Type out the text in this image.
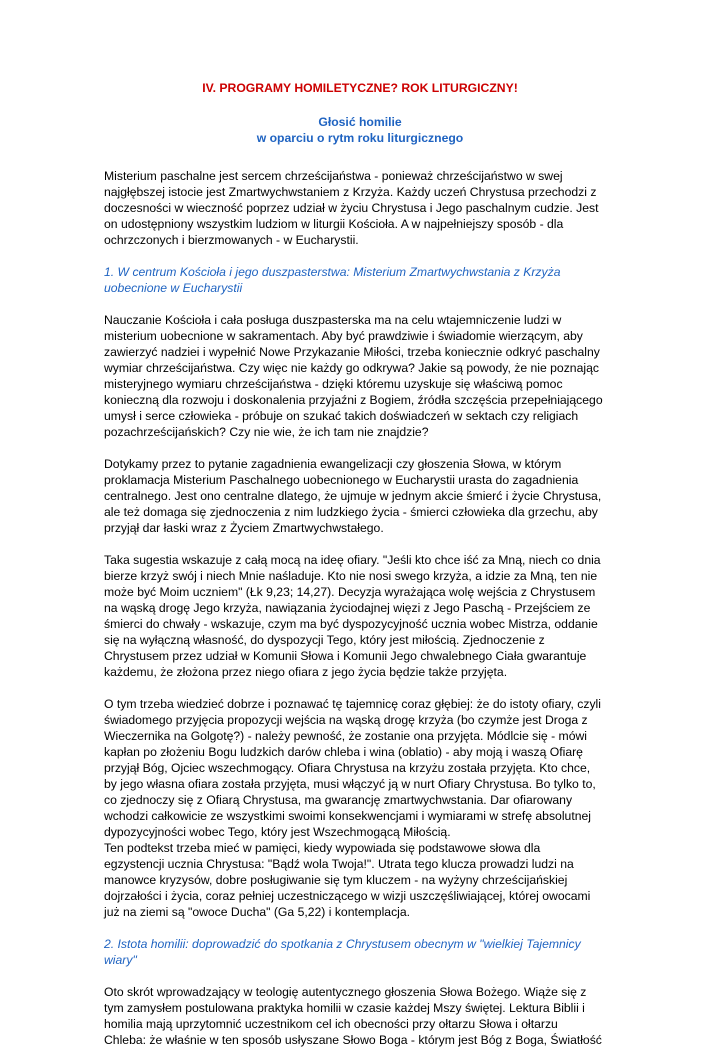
IV. PROGRAMY HOMILETYCZNE? ROK LITURGICZNY!
Głosić homilie
w oparciu o rytm roku liturgicznego
Misterium paschalne jest sercem chrześcijaństwa - ponieważ chrześcijaństwo w swej
najgłębszej istocie jest Zmartwychwstaniem z Krzyża. Każdy uczeń Chrystusa przechodzi z
doczesności w wieczność poprzez udział w życiu Chrystusa i Jego paschalnym cudzie. Jest
on udostępniony wszystkim ludziom w liturgii Kościoła. A w najpełniejszy sposób - dla
ochrzczonych i bierzmowanych - w Eucharystii.
1. W centrum Kościoła i jego duszpasterstwa: Misterium Zmartwychwstania z Krzyża
uobecnione w Eucharystii
Nauczanie Kościoła i cała posługa duszpasterska ma na celu wtajemniczenie ludzi w
misterium uobecnione w sakramentach. Aby być prawdziwie i świadomie wierzącym, aby
zawierzyć nadziei i wypełnić Nowe Przykazanie Miłości, trzeba koniecznie odkryć paschalny
wymiar chrześcijaństwa. Czy więc nie każdy go odkrywa? Jakie są powody, że nie poznając
misteryjnego wymiaru chrześcijaństwa - dzięki któremu uzyskuje się właściwą pomoc
konieczną dla rozwoju i doskonalenia przyjaźni z Bogiem, źródła szczęścia przepełniającego
umysł i serce człowieka - próbuje on szukać takich doświadczeń w sektach czy religiach
pozachrześcijańskich? Czy nie wie, że ich tam nie znajdzie?
Dotykamy przez to pytanie zagadnienia ewangelizacji czy głoszenia Słowa, w którym
proklamacja Misterium Paschalnego uobecnionego w Eucharystii urasta do zagadnienia
centralnego. Jest ono centralne dlatego, że ujmuje w jednym akcie śmierć i życie Chrystusa,
ale też domaga się zjednoczenia z nim ludzkiego życia - śmierci człowieka dla grzechu, aby
przyjął dar łaski wraz z Życiem Zmartwychwstałego.
Taka sugestia wskazuje z całą mocą na ideę ofiary. "Jeśli kto chce iść za Mną, niech co dnia
bierze krzyż swój i niech Mnie naśladuje. Kto nie nosi swego krzyża, a idzie za Mną, ten nie
może być Moim uczniem" (Łk 9,23; 14,27). Decyzja wyrażająca wolę wejścia z Chrystusem
na wąską drogę Jego krzyża, nawiązania życiodajnej więzi z Jego Paschą - Przejściem ze
śmierci do chwały - wskazuje, czym ma być dyspozycyjność ucznia wobec Mistrza, oddanie
się na wyłączną własność, do dyspozycji Tego, który jest miłością. Zjednoczenie z
Chrystusem przez udział w Komunii Słowa i Komunii Jego chwalebnego Ciała gwarantuje
każdemu, że złożona przez niego ofiara z jego życia będzie także przyjęta.
O tym trzeba wiedzieć dobrze i poznawać tę tajemnicę coraz głębiej: że do istoty ofiary, czyli
świadomego przyjęcia propozycji wejścia na wąską drogę krzyża (bo czymże jest Droga z
Wieczernika na Golgotę?) - należy pewność, że zostanie ona przyjęta. Módlcie się - mówi
kapłan po złożeniu Bogu ludzkich darów chleba i wina (oblatio) - aby moją i waszą Ofiarę
przyjął Bóg, Ojciec wszechmogący. Ofiara Chrystusa na krzyżu została przyjęta. Kto chce,
by jego własna ofiara została przyjęta, musi włączyć ją w nurt Ofiary Chrystusa. Bo tylko to,
co zjednoczy się z Ofiarą Chrystusa, ma gwarancję zmartwychwstania. Dar ofiarowany
wchodzi całkowicie ze wszystkimi swoimi konsekwencjami i wymiarami w strefę absolutnej
dypozycyjności wobec Tego, który jest Wszechmogącą Miłością.
Ten podtekst trzeba mieć w pamięci, kiedy wypowiada się podstawowe słowa dla
egzystencji ucznia Chrystusa: "Bądź wola Twoja!". Utrata tego klucza prowadzi ludzi na
manowce kryzysów, dobre posługiwanie się tym kluczem - na wyżyny chrześcijańskiej
dojrzałości i życia, coraz pełniej uczestniczącego w wizji uszczęśliwiającej, której owocami
już na ziemi są "owoce Ducha" (Ga 5,22) i kontemplacja.
2. Istota homilii: doprowadzić do spotkania z Chrystusem obecnym w "wielkiej Tajemnicy
wiary"
Oto skrót wprowadzający w teologię autentycznego głoszenia Słowa Bożego. Wiąże się z
tym zamysłem postulowana praktyka homilii w czasie każdej Mszy świętej. Lektura Biblii i
homilia mają uprzytomnić uczestnikom cel ich obecności przy ołtarzu Słowa i ołtarzu
Chleba: że właśnie w ten sposób usłyszane Słowo Boga - którym jest Bóg z Boga, Światłość
